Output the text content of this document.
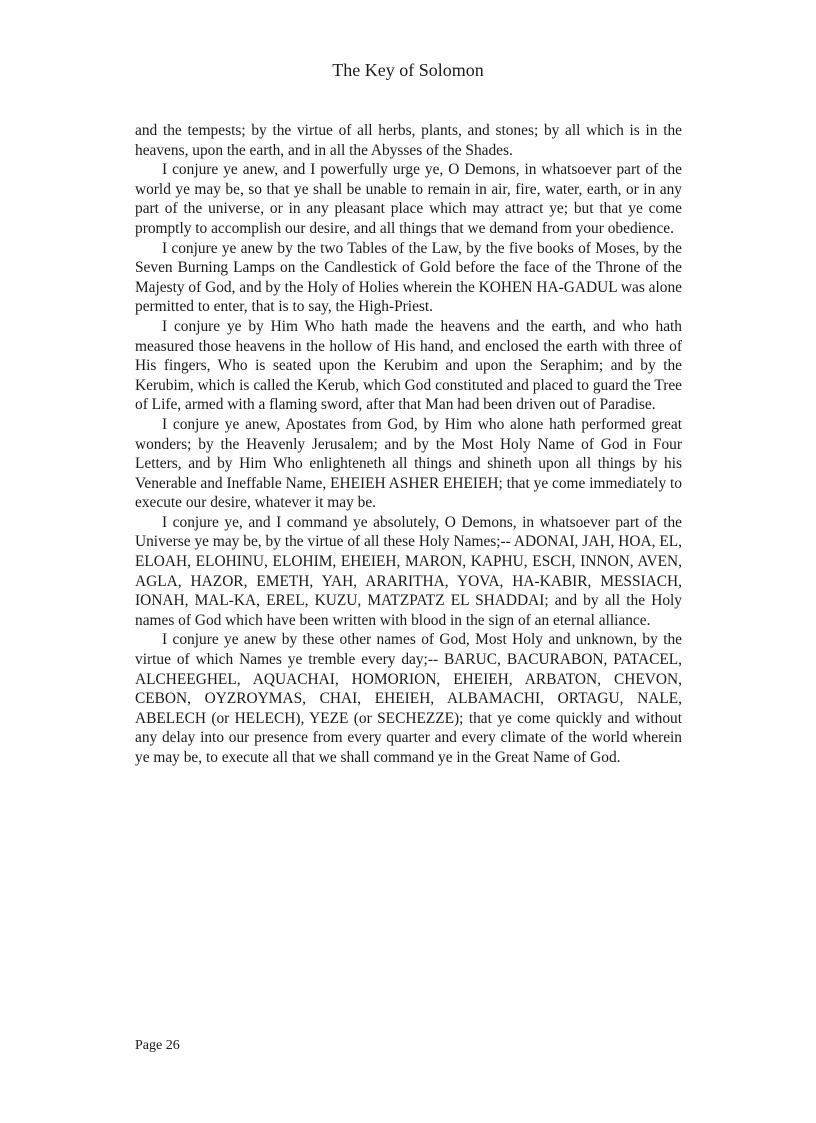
The Key of Solomon

and the tempests; by the virtue of all herbs, plants, and stones; by all which is in the heavens, upon the earth, and in all the Abysses of the Shades.

I conjure ye anew, and I powerfully urge ye, O Demons, in whatsoever part of the world ye may be, so that ye shall be unable to remain in air, fire, water, earth, or in any part of the universe, or in any pleasant place which may attract ye; but that ye come promptly to accomplish our desire, and all things that we demand from your obedience.

I conjure ye anew by the two Tables of the Law, by the five books of Moses, by the Seven Burning Lamps on the Candlestick of Gold before the face of the Throne of the Majesty of God, and by the Holy of Holies wherein the KOHEN HA-GADUL was alone permitted to enter, that is to say, the High-Priest.

I conjure ye by Him Who hath made the heavens and the earth, and who hath measured those heavens in the hollow of His hand, and enclosed the earth with three of His fingers, Who is seated upon the Kerubim and upon the Seraphim; and by the Kerubim, which is called the Kerub, which God constituted and placed to guard the Tree of Life, armed with a flaming sword, after that Man had been driven out of Paradise.

I conjure ye anew, Apostates from God, by Him who alone hath performed great wonders; by the Heavenly Jerusalem; and by the Most Holy Name of God in Four Letters, and by Him Who enlighteneth all things and shineth upon all things by his Venerable and Ineffable Name, EHEIEH ASHER EHEIEH; that ye come immediately to execute our desire, whatever it may be.

I conjure ye, and I command ye absolutely, O Demons, in whatsoever part of the Universe ye may be, by the virtue of all these Holy Names;-- ADONAI, JAH, HOA, EL, ELOAH, ELOHINU, ELOHIM, EHEIEH, MARON, KAPHU, ESCH, INNON, AVEN, AGLA, HAZOR, EMETH, YAH, ARARITHA, YOVA, HA-KABIR, MESSIACH, IONAH, MAL-KA, EREL, KUZU, MATZPATZ EL SHADDAI; and by all the Holy names of God which have been written with blood in the sign of an eternal alliance.

I conjure ye anew by these other names of God, Most Holy and unknown, by the virtue of which Names ye tremble every day;-- BARUC, BACURABON, PATACEL, ALCHEEGHEL, AQUACHAI, HOMORION, EHEIEH, ARBATON, CHEVON, CEBON, OYZROYMAS, CHAI, EHEIEH, ALBAMACHI, ORTAGU, NALE, ABELECH (or HELECH), YEZE (or SECHEZZE); that ye come quickly and without any delay into our presence from every quarter and every climate of the world wherein ye may be, to execute all that we shall command ye in the Great Name of God.

Page 26
